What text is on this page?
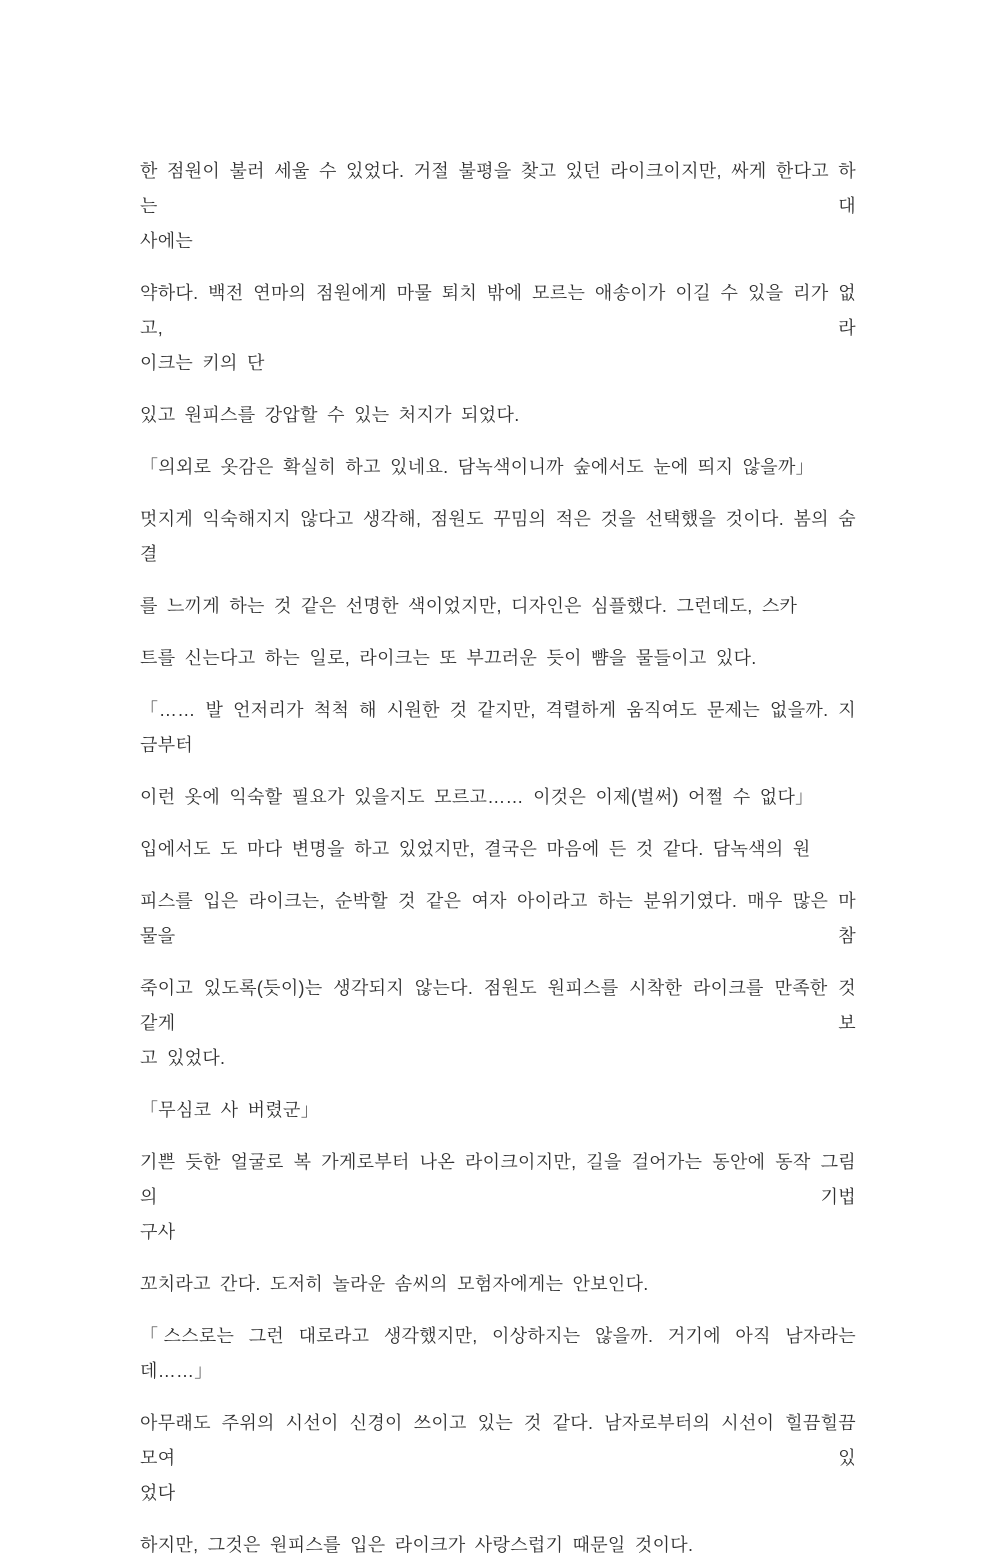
한 점원이 불러 세울 수 있었다. 거절 불평을 찾고 있던 라이크이지만, 싸게 한다고 하는 대
사에는
약하다. 백전 연마의 점원에게 마물 퇴치 밖에 모르는 애송이가 이길 수 있을 리가 없고, 라
이크는 키의 단
있고 원피스를 강압할 수 있는 처지가 되었다.
「의외로 옷감은 확실히 하고 있네요. 담녹색이니까 숲에서도 눈에 띄지 않을까」
멋지게 익숙해지지 않다고 생각해, 점원도 꾸밈의 적은 것을 선택했을 것이다. 봄의 숨결
를 느끼게 하는 것 같은 선명한 색이었지만, 디자인은 심플했다. 그런데도, 스카
트를 신는다고 하는 일로, 라이크는 또 부끄러운 듯이 뺨을 물들이고 있다.
「…… 발 언저리가 척척 해 시원한 것 같지만, 격렬하게 움직여도 문제는 없을까. 지금부터
이런 옷에 익숙할 필요가 있을지도 모르고…… 이것은 이제(벌써) 어쩔 수 없다」
입에서도 도 마다 변명을 하고 있었지만, 결국은 마음에 든 것 같다. 담녹색의 원
피스를 입은 라이크는, 순박할 것 같은 여자 아이라고 하는 분위기였다. 매우 많은 마물을 참
죽이고 있도록(듯이)는 생각되지 않는다. 점원도 원피스를 시착한 라이크를 만족한 것 같게 보
고 있었다.
「무심코 사 버렸군」
기쁜 듯한 얼굴로 복 가게로부터 나온 라이크이지만, 길을 걸어가는 동안에 동작 그림의 기법
구사
꼬치라고 간다. 도저히 놀라운 솜씨의 모험자에게는 안보인다.
「스스로는 그런 대로라고 생각했지만, 이상하지는 않을까. 거기에 아직 남자라는데……」
아무래도 주위의 시선이 신경이 쓰이고 있는 것 같다. 남자로부터의 시선이 힐끔힐끔 모여 있
었다
하지만, 그것은 원피스를 입은 라이크가 사랑스럽기 때문일 것이다.
